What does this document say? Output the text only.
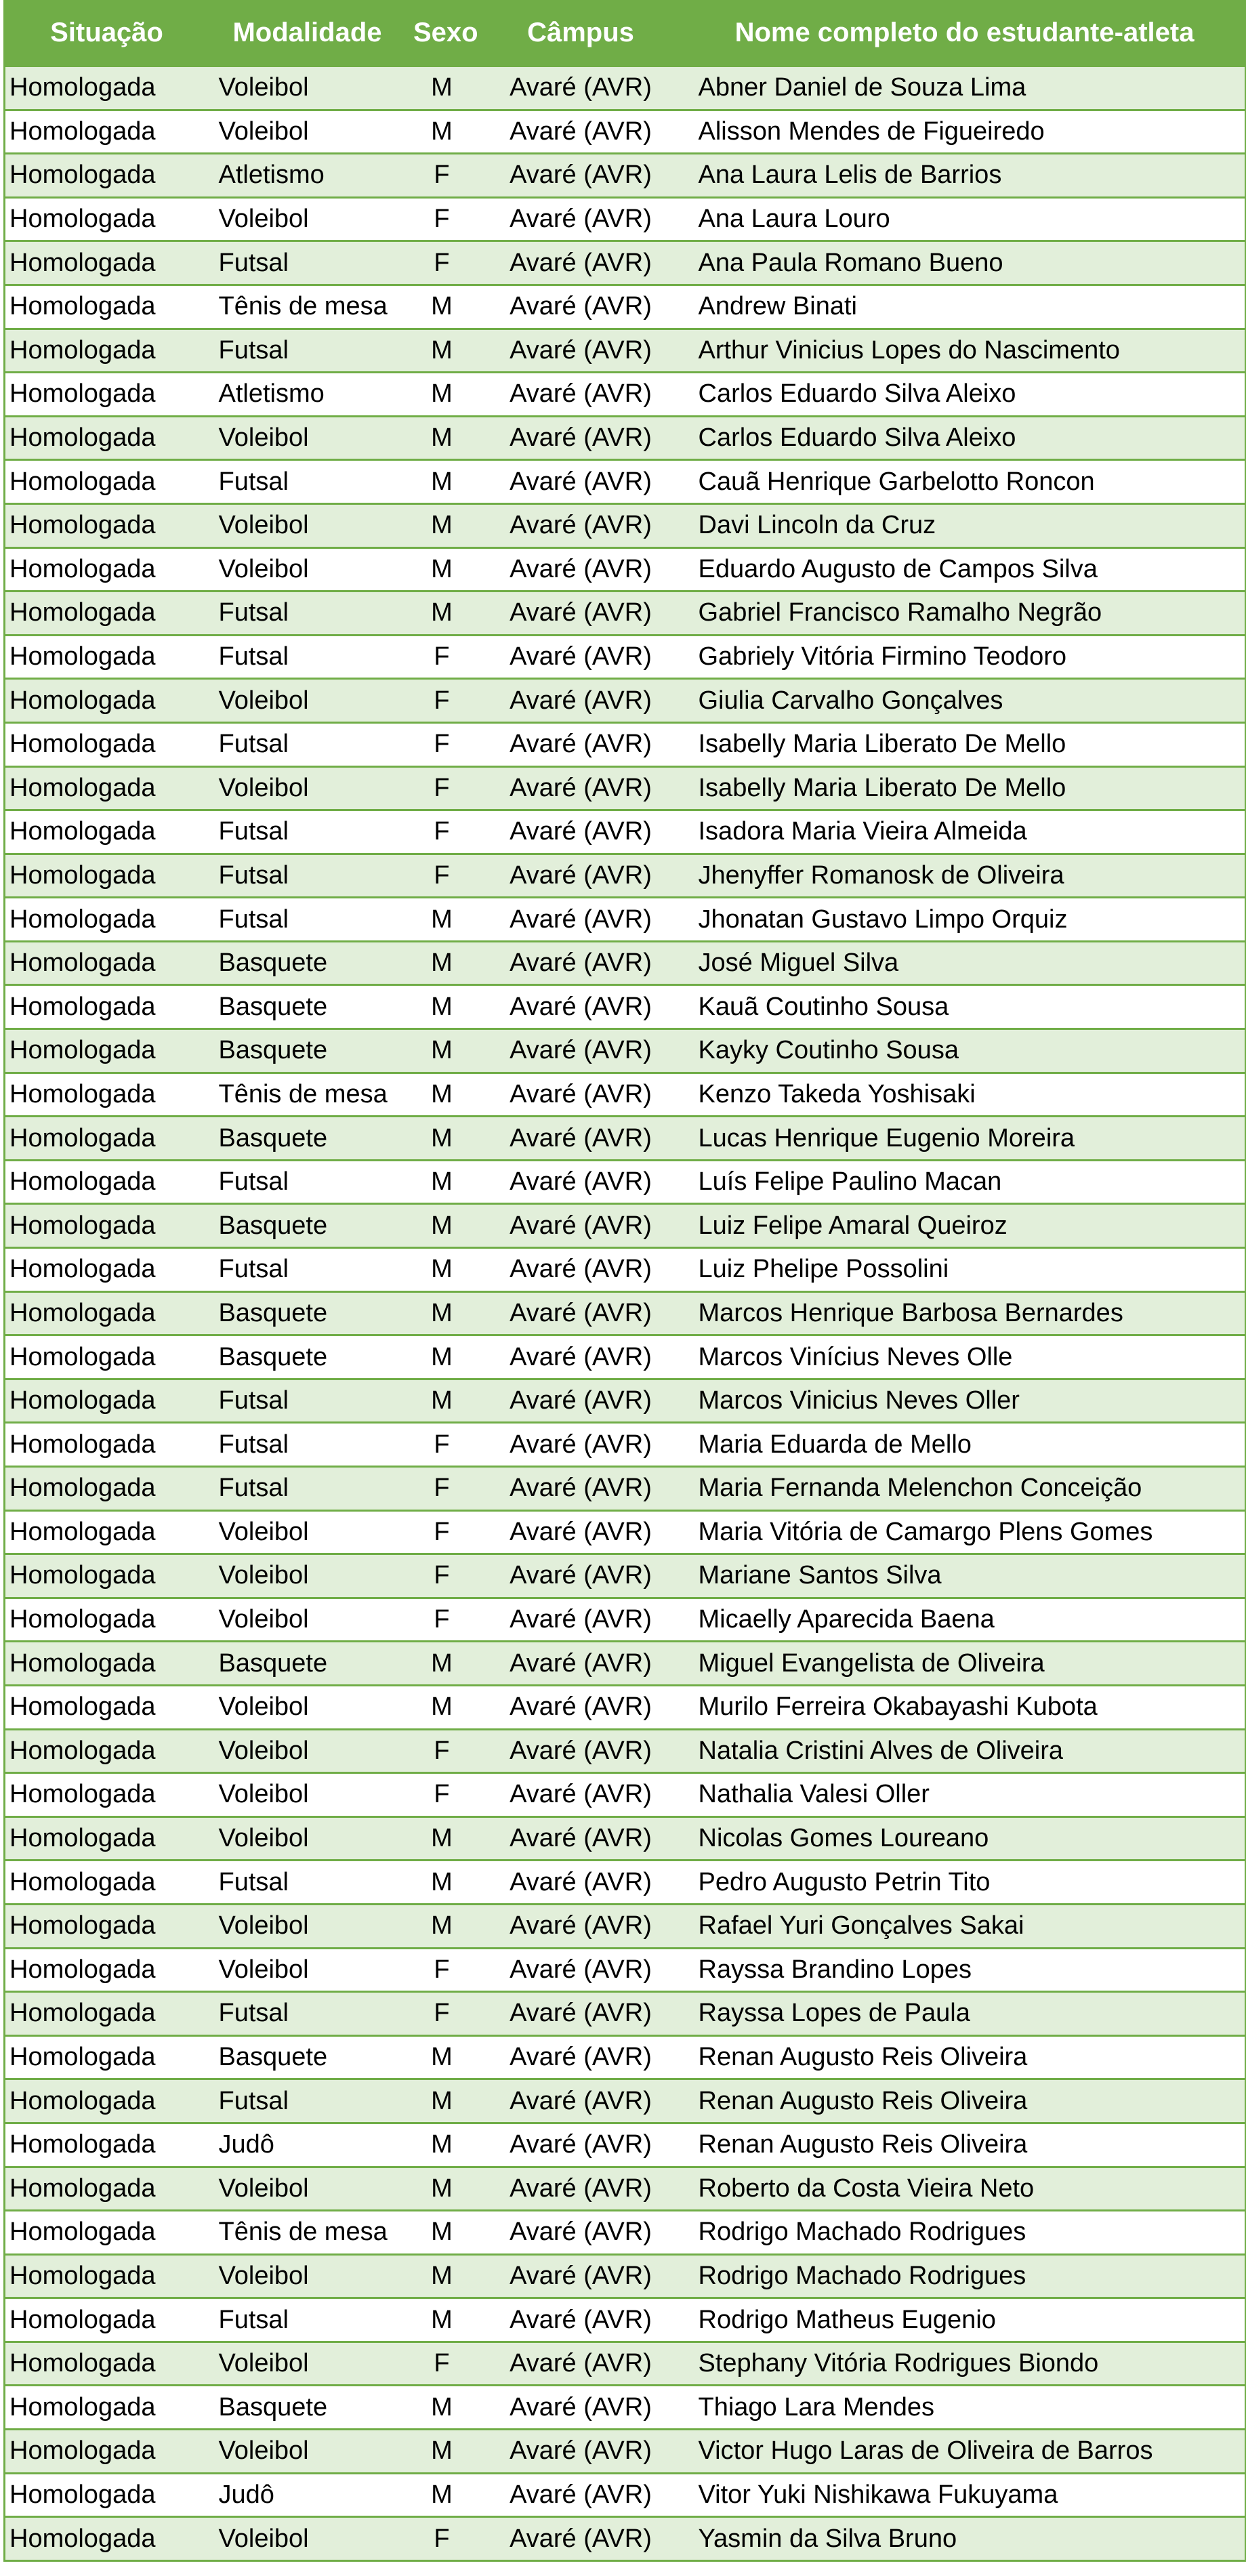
Situação	Modalidade	Sexo	Câmpus	Nome completo do estudante-atleta
Homologada	Voleibol	M	Avaré (AVR)	Abner Daniel de Souza Lima
Homologada	Voleibol	M	Avaré (AVR)	Alisson Mendes de Figueiredo
Homologada	Atletismo	F	Avaré (AVR)	Ana Laura Lelis de Barrios
Homologada	Voleibol	F	Avaré (AVR)	Ana Laura Louro
Homologada	Futsal	F	Avaré (AVR)	Ana Paula Romano Bueno
Homologada	Tênis de mesa	M	Avaré (AVR)	Andrew Binati
Homologada	Futsal	M	Avaré (AVR)	Arthur Vinicius Lopes do Nascimento
Homologada	Atletismo	M	Avaré (AVR)	Carlos Eduardo Silva Aleixo
Homologada	Voleibol	M	Avaré (AVR)	Carlos Eduardo Silva Aleixo
Homologada	Futsal	M	Avaré (AVR)	Cauã Henrique Garbelotto Roncon
Homologada	Voleibol	M	Avaré (AVR)	Davi Lincoln da Cruz
Homologada	Voleibol	M	Avaré (AVR)	Eduardo Augusto de Campos Silva
Homologada	Futsal	M	Avaré (AVR)	Gabriel Francisco Ramalho Negrão
Homologada	Futsal	F	Avaré (AVR)	Gabriely Vitória Firmino Teodoro
Homologada	Voleibol	F	Avaré (AVR)	Giulia Carvalho Gonçalves
Homologada	Futsal	F	Avaré (AVR)	Isabelly Maria Liberato De Mello
Homologada	Voleibol	F	Avaré (AVR)	Isabelly Maria Liberato De Mello
Homologada	Futsal	F	Avaré (AVR)	Isadora Maria Vieira Almeida
Homologada	Futsal	F	Avaré (AVR)	Jhenyffer Romanosk de Oliveira
Homologada	Futsal	M	Avaré (AVR)	Jhonatan Gustavo Limpo Orquiz
Homologada	Basquete	M	Avaré (AVR)	José Miguel Silva
Homologada	Basquete	M	Avaré (AVR)	Kauã Coutinho Sousa
Homologada	Basquete	M	Avaré (AVR)	Kayky Coutinho Sousa
Homologada	Tênis de mesa	M	Avaré (AVR)	Kenzo Takeda Yoshisaki
Homologada	Basquete	M	Avaré (AVR)	Lucas Henrique Eugenio Moreira
Homologada	Futsal	M	Avaré (AVR)	Luís Felipe Paulino Macan
Homologada	Basquete	M	Avaré (AVR)	Luiz Felipe Amaral Queiroz
Homologada	Futsal	M	Avaré (AVR)	Luiz Phelipe Possolini
Homologada	Basquete	M	Avaré (AVR)	Marcos Henrique Barbosa Bernardes
Homologada	Basquete	M	Avaré (AVR)	Marcos Vinícius Neves Olle
Homologada	Futsal	M	Avaré (AVR)	Marcos Vinicius Neves Oller
Homologada	Futsal	F	Avaré (AVR)	Maria Eduarda de Mello
Homologada	Futsal	F	Avaré (AVR)	Maria Fernanda Melenchon Conceição
Homologada	Voleibol	F	Avaré (AVR)	Maria Vitória de Camargo Plens Gomes
Homologada	Voleibol	F	Avaré (AVR)	Mariane Santos Silva
Homologada	Voleibol	F	Avaré (AVR)	Micaelly Aparecida Baena
Homologada	Basquete	M	Avaré (AVR)	Miguel Evangelista de Oliveira
Homologada	Voleibol	M	Avaré (AVR)	Murilo Ferreira Okabayashi Kubota
Homologada	Voleibol	F	Avaré (AVR)	Natalia Cristini Alves de Oliveira
Homologada	Voleibol	F	Avaré (AVR)	Nathalia Valesi Oller
Homologada	Voleibol	M	Avaré (AVR)	Nicolas Gomes Loureano
Homologada	Futsal	M	Avaré (AVR)	Pedro Augusto Petrin Tito
Homologada	Voleibol	M	Avaré (AVR)	Rafael Yuri Gonçalves Sakai
Homologada	Voleibol	F	Avaré (AVR)	Rayssa Brandino Lopes
Homologada	Futsal	F	Avaré (AVR)	Rayssa Lopes de Paula
Homologada	Basquete	M	Avaré (AVR)	Renan Augusto Reis Oliveira
Homologada	Futsal	M	Avaré (AVR)	Renan Augusto Reis Oliveira
Homologada	Judô	M	Avaré (AVR)	Renan Augusto Reis Oliveira
Homologada	Voleibol	M	Avaré (AVR)	Roberto da Costa Vieira Neto
Homologada	Tênis de mesa	M	Avaré (AVR)	Rodrigo Machado Rodrigues
Homologada	Voleibol	M	Avaré (AVR)	Rodrigo Machado Rodrigues
Homologada	Futsal	M	Avaré (AVR)	Rodrigo Matheus Eugenio
Homologada	Voleibol	F	Avaré (AVR)	Stephany Vitória Rodrigues Biondo
Homologada	Basquete	M	Avaré (AVR)	Thiago Lara Mendes
Homologada	Voleibol	M	Avaré (AVR)	Victor Hugo Laras de Oliveira de Barros
Homologada	Judô	M	Avaré (AVR)	Vitor Yuki Nishikawa Fukuyama
Homologada	Voleibol	F	Avaré (AVR)	Yasmin da Silva Bruno
